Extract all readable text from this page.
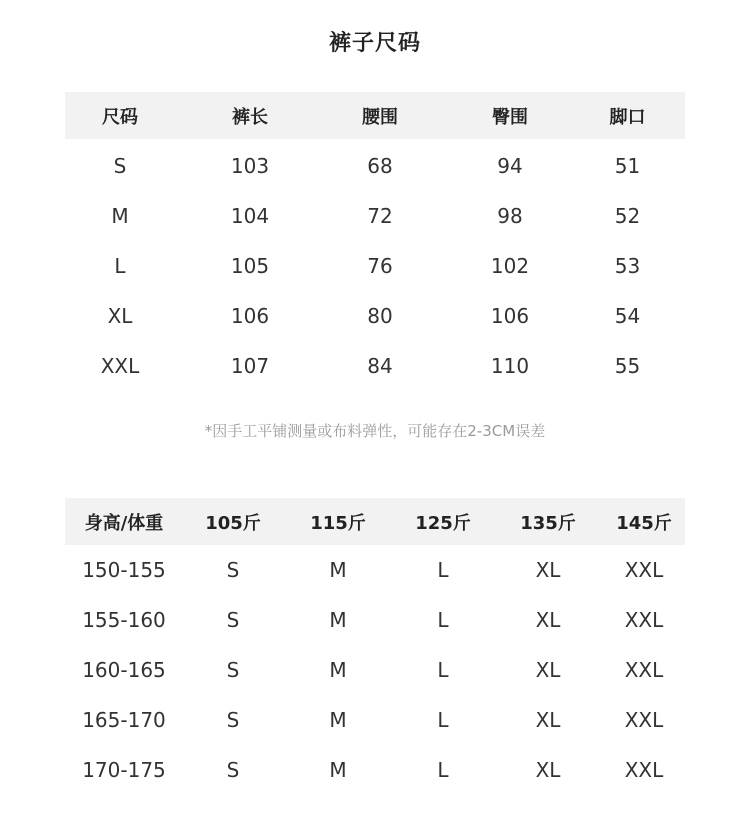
裤子尺码
尺码	裤长	腰围	臀围	脚口
S	103	68	94	51
M	104	72	98	52
L	105	76	102	53
XL	106	80	106	54
XXL	107	84	110	55
*因手工平铺测量或布料弹性，可能存在2-3CM误差
身高/体重	105斤	115斤	125斤	135斤	145斤
150-155	S	M	L	XL	XXL
155-160	S	M	L	XL	XXL
160-165	S	M	L	XL	XXL
165-170	S	M	L	XL	XXL
170-175	S	M	L	XL	XXL
